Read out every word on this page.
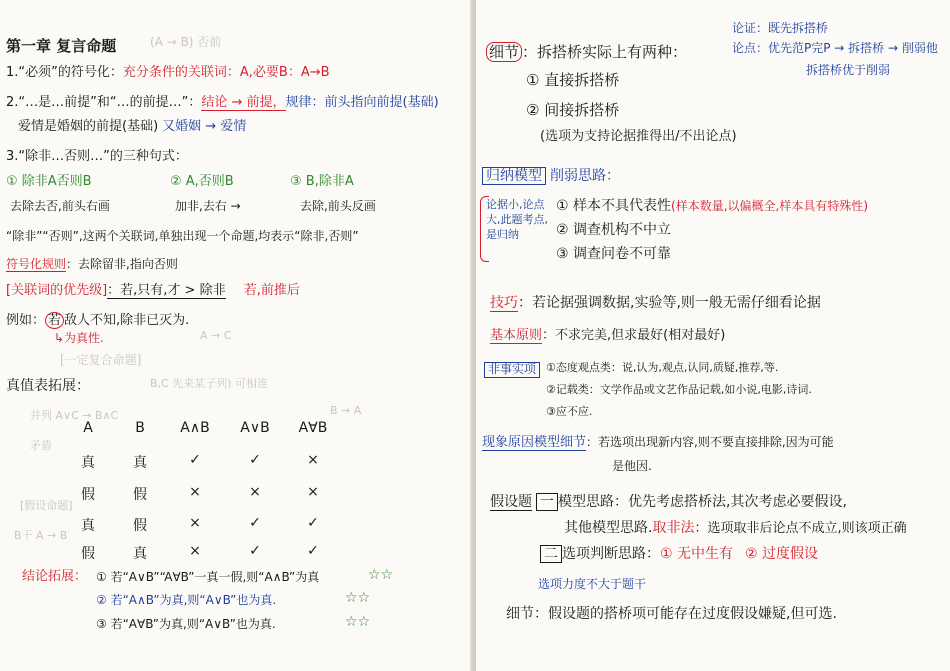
第一章 复言命题	(A → B) 否前
1.“必须”的符号化：充分条件的关联词：A,必要B：A→B
2.“…是…前提”和“…的前提…”：结论 → 前提，规律：前头指向前提(基础)
爱情是婚姻的前提(基础) 又婚姻 → 爱情
3.“除非…否则…”的三种句式：
① 除非A否则B	② A,否则B	③ B,除非A
去除去否,前头右画	加非,去右 →	去除,前头反画
“除非”“否则”,这两个关联词,单独出现一个命题,均表示“除非,否则”
符号化规则：去除留非,指向否则
[关联词的优先级]：若,只有,才 > 除非 若,前推后
例如： 若 敌人不知,除非已灭为.
↳为真性.	A → C
[一定复合命题]
真值表拓展：	B,C 先来某子列) 可相连
并列 A∨C → B∧C
矛盾
B → A
[假设命题]
B干 A → B
A	B	A∧B	A∨B	A∀B
真	真	✓	✓	×
假	假	×	×	×
真	假	×	✓	✓
假	真	×	✓	✓
结论拓展： ① 若“A∨B”“A∀B”一真一假,则“A∧B”为真	☆☆
② 若“A∧B”为真,则“A∨B”也为真.	☆☆
③ 若“A∀B”为真,则“A∨B”也为真.	☆☆
论证：既先拆搭桥
论点：优先范P完P → 拆搭桥 → 削弱他
拆搭桥优于削弱
细节 ：拆搭桥实际上有两种：
① 直接拆搭桥
② 间接拆搭桥
(选项为支持论据推得出/不出论点)
归纳模型 削弱思路：
论据小,论点大,此题考点,是归纳
① 样本不具代表性(样本数量,以偏概全,样本具有特殊性)
② 调查机构不中立
③ 调查问卷不可靠
技巧：若论据强调数据,实验等,则一般无需仔细看论据
基本原则：不求完美,但求最好(相对最好)
非事实项 ①态度观点类：说,认为,观点,认同,质疑,推荐,等.
②记载类：文学作品或文艺作品记载,如小说,电影,诗词.
③应不应.
现象原因模型细节：若选项出现新内容,则不要直接排除,因为可能
是他因.
假设题 一 模型思路：优先考虑搭桥法,其次考虑必要假设,
其他模型思路.取非法：选项取非后论点不成立,则该项正确
二 选项判断思路：① 无中生有 ② 过度假设
选项力度不大于题干
细节：假设题的搭桥项可能存在过度假设嫌疑,但可选.
